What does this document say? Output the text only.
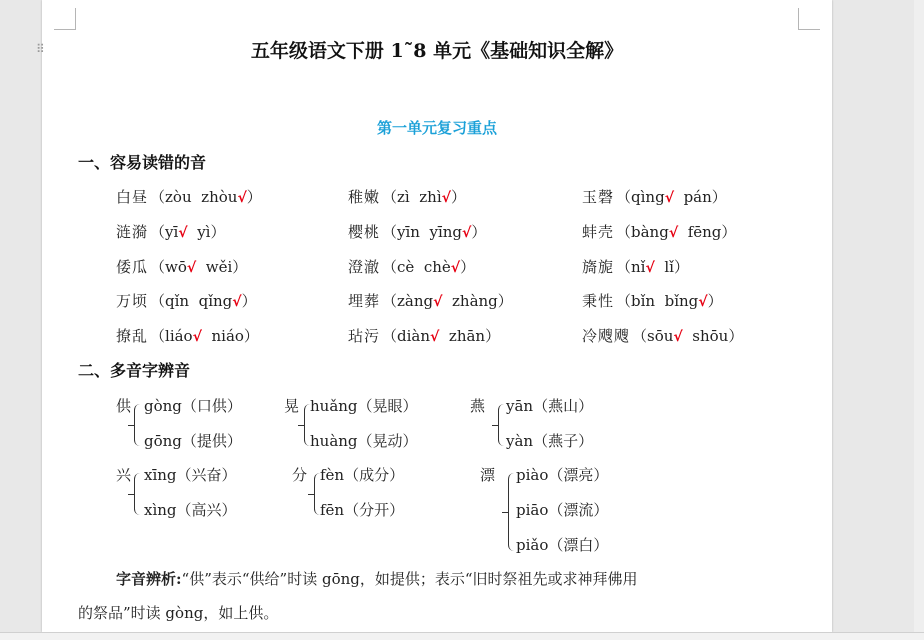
五年级语文下册 1˜8 单元《基础知识全解》
第一单元复习重点
一、容易读错的音
白昼 （zòu zhòu√）	稚嫩 （zì zhì√）	玉磬 （qìng√ pán）
涟漪 （yī√ yì）	樱桃 （yīn yīng√）	蚌壳 （bàng√ fēng）
倭瓜 （wō√ wěi）	澄澈 （cè chè√）	旖旎 （nǐ√ lǐ）
万顷 （qǐn qǐng√）	埋葬 （zàng√ zhàng）	秉性 （bǐn bǐng√）
撩乱 （liáo√ niáo）	玷污 （diàn√ zhān）	冷飕飕 （sōu√ shōu）
二、多音字辨音
供 gòng（口供）
gōng（提供）
晃 huǎng（晃眼）
huàng（晃动）
燕 yān（燕山）
yàn（燕子）
兴 xīng（兴奋）
xìng（高兴）
分 fèn（成分）
fēn（分开）
漂 piào（漂亮）
piāo（漂流）
piǎo（漂白）
字音辨析:“供”表示“供给”时读 gōng，如提供；表示“旧时祭祖先或求神拜佛用
的祭品”时读 gòng，如上供。
⠿
